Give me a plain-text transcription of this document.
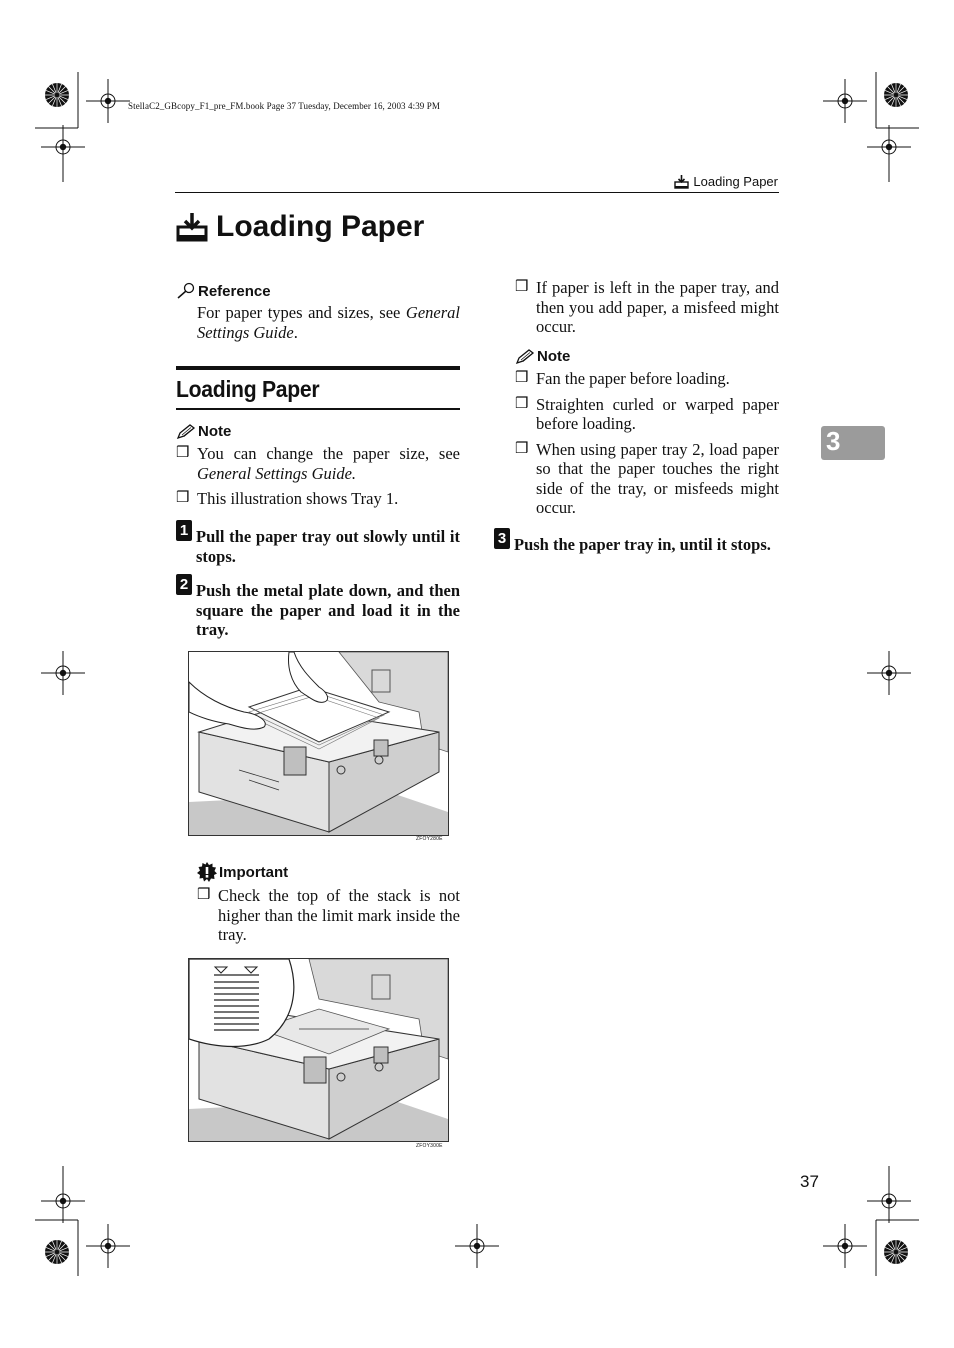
StellaC2_GBcopy_F1_pre_FM.book Page 37 Tuesday, December 16, 2003 4:39 PM
Loading Paper
Loading Paper
Reference
For paper types and sizes, see General Settings Guide.
Loading Paper
Note
❒ You can change the paper size, see General Settings Guide.
❒ This illustration shows Tray 1.
1 Pull the paper tray out slowly until it stops.
2 Push the metal plate down, and then square the paper and load it in the tray.
ZFOY280E
Important
❒ Check the top of the stack is not higher than the limit mark inside the tray.
ZFOY300E
❒ If paper is left in the paper tray, and then you add paper, a misfeed might occur.
Note
❒ Fan the paper before loading.
❒ Straighten curled or warped paper before loading.
❒ When using paper tray 2, load paper so that the paper touches the right side of the tray, or misfeeds might occur.
3 Push the paper tray in, until it stops.
3
37
